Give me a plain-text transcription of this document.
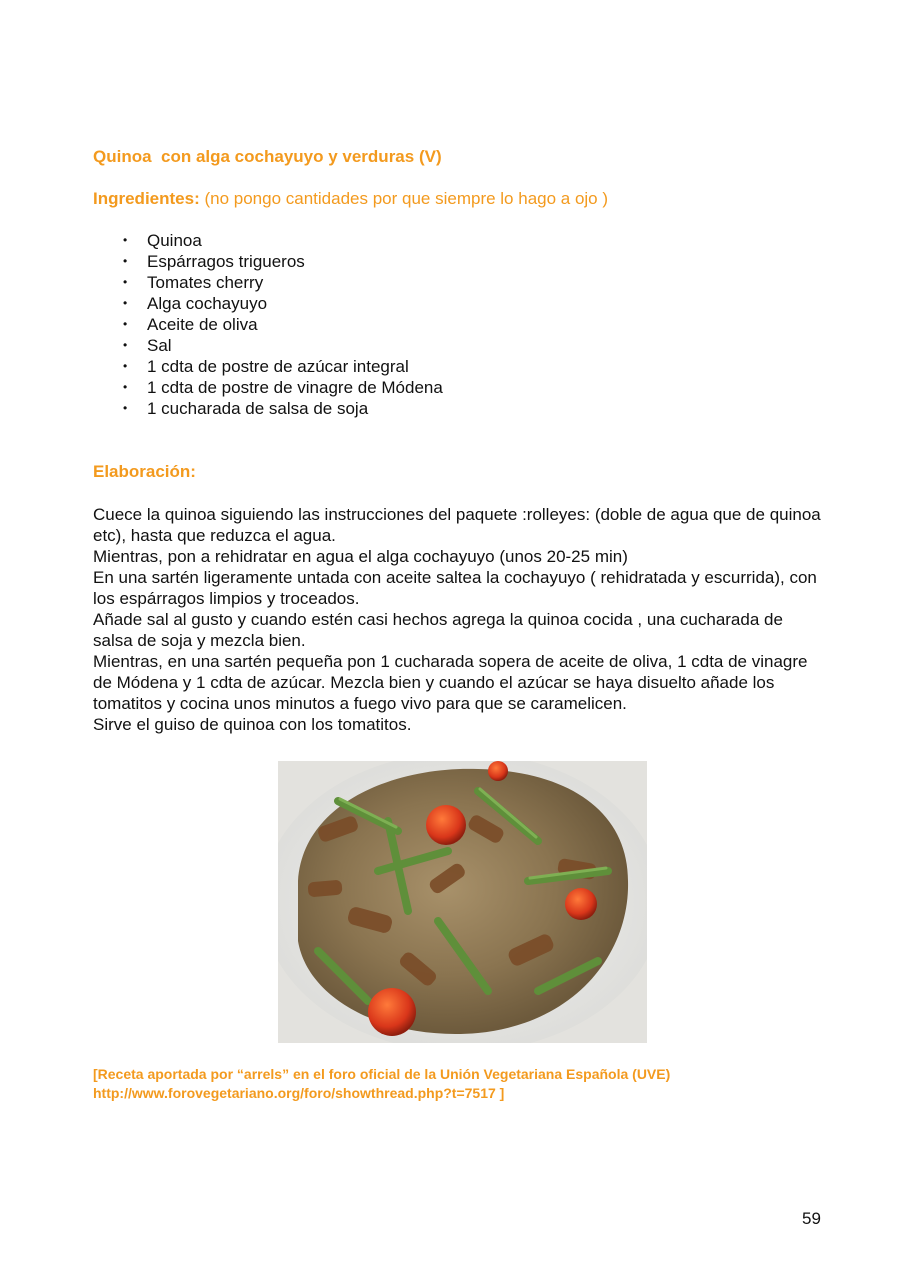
Quinoa  con alga cochayuyo y verduras (V)
Ingredientes: (no pongo cantidades por que siempre lo hago a ojo )
• Quinoa
• Espárragos trigueros
• Tomates cherry
• Alga cochayuyo
• Aceite de oliva
• Sal
• 1 cdta de postre de azúcar integral
• 1 cdta de postre de vinagre de Módena
• 1 cucharada de salsa de soja
Elaboración:

Cuece la quinoa siguiendo las instrucciones del paquete :rolleyes: (doble de agua que de quinoa etc), hasta que reduzca el agua.

Mientras, pon a rehidratar en agua el alga cochayuyo (unos 20-25 min)

En una sartén ligeramente untada con aceite saltea la cochayuyo ( rehidratada y escurrida), con los espárragos limpios y troceados.

Añade sal al gusto y cuando estén casi hechos agrega la quinoa cocida , una cucharada de salsa de soja y mezcla bien.

Mientras, en una sartén pequeña pon 1 cucharada sopera de aceite de oliva, 1 cdta de vinagre de Módena y 1 cdta de azúcar. Mezcla bien y cuando el azúcar se haya disuelto añade los tomatitos y cocina unos minutos a fuego vivo para que se caramelicen.

Sirve el guiso de quinoa con los tomatitos.

[Receta aportada por “arrels” en el foro oficial de la Unión Vegetariana Española (UVE)
http://www.forovegetariano.org/foro/showthread.php?t=7517 ]
59
